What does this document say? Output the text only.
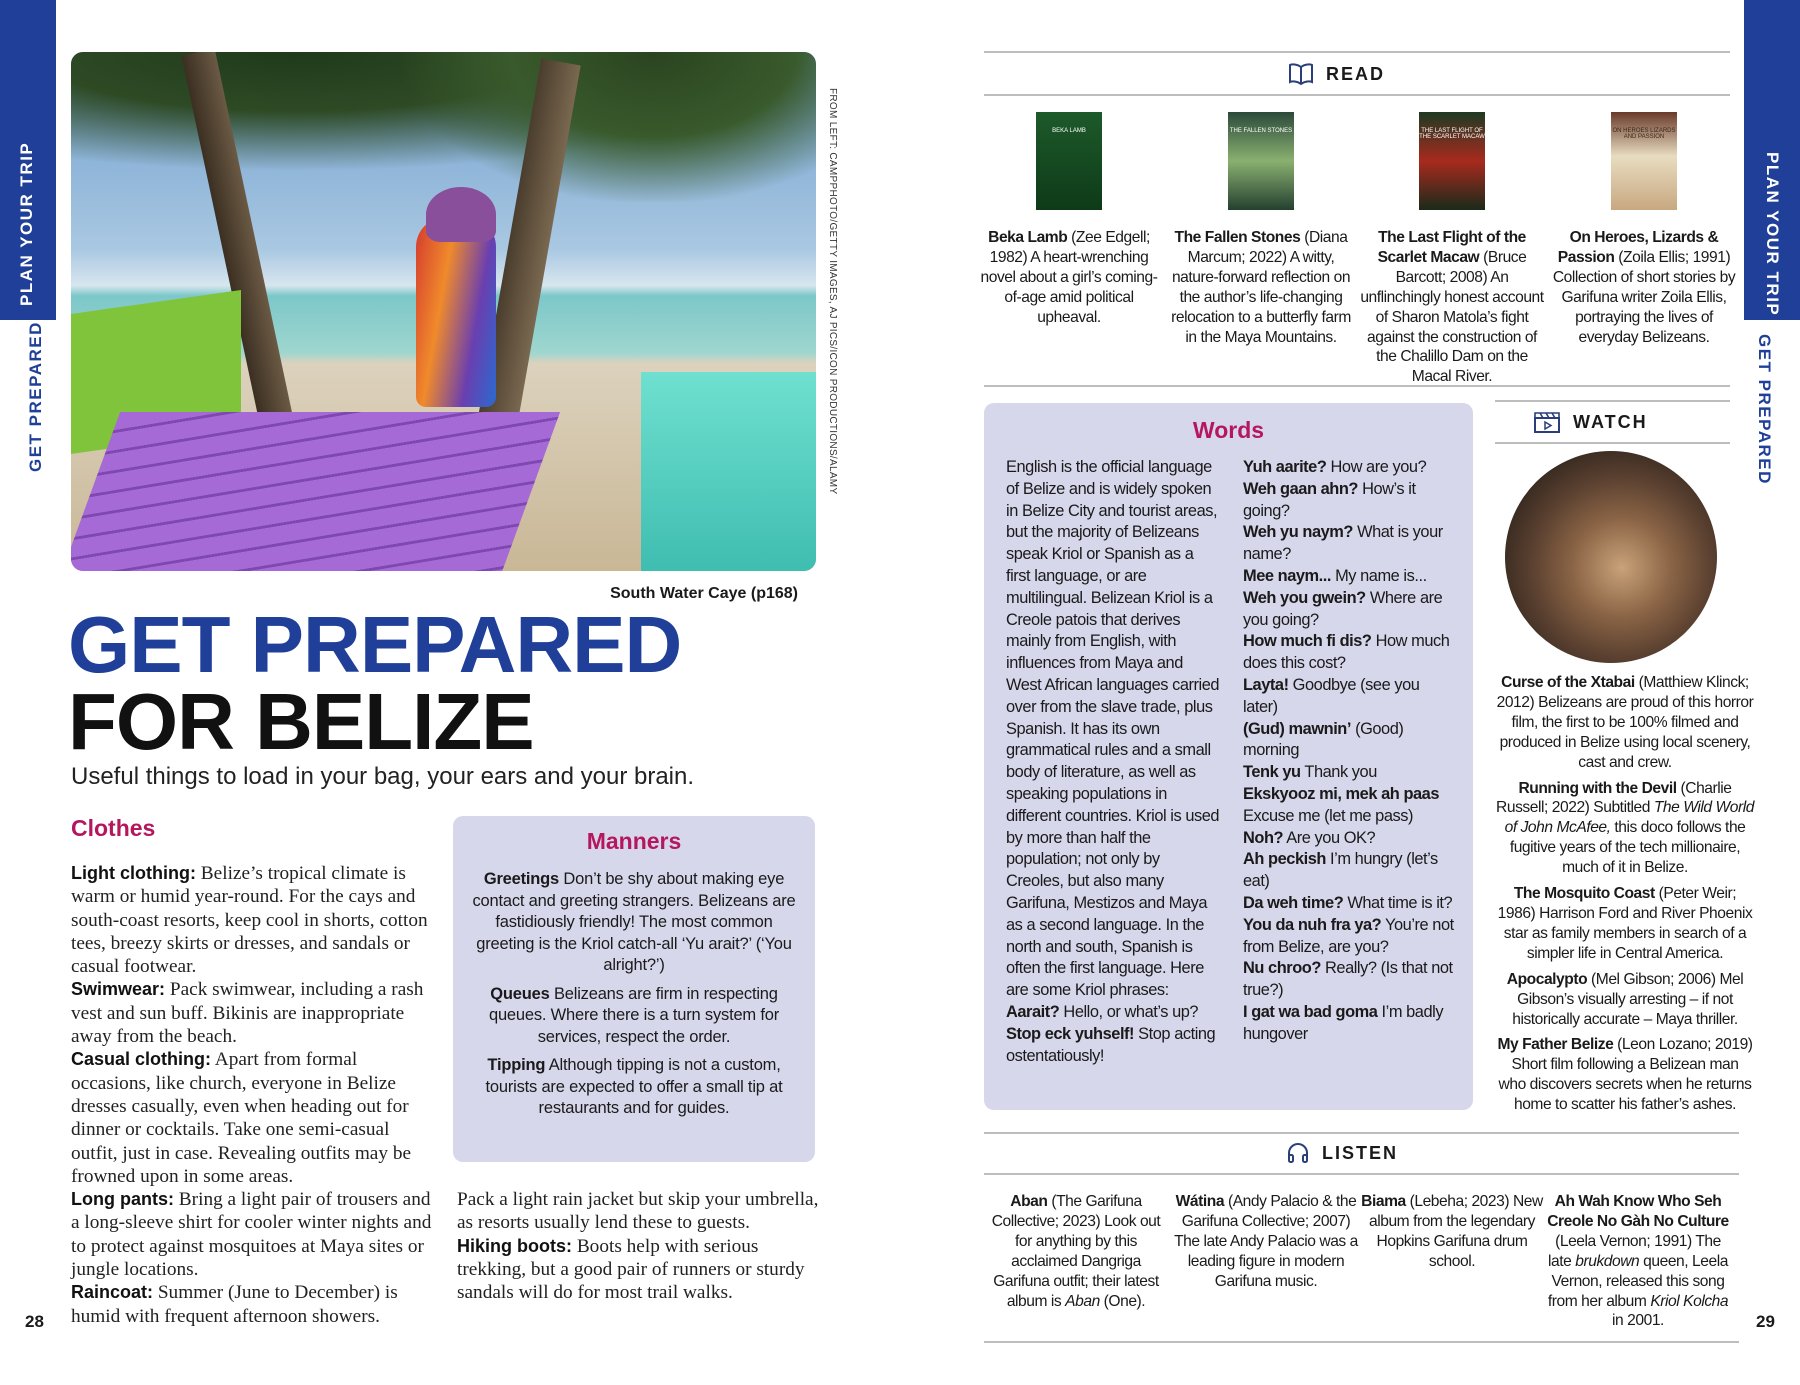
PLAN YOUR TRIP
GET PREPARED
PLAN YOUR TRIP
GET PREPARED
FROM LEFT: CAMPPHOTO/GETTY IMAGES, AJ PICS/ICON PRODUCTIONS/ALAMY
South Water Caye (p168)
GET PREPARED
FOR BELIZE
Useful things to load in your bag, your ears and your brain.
Clothes
Light clothing: Belize’s tropical climate is warm or humid year-round. For the cays and south-coast resorts, keep cool in shorts, cotton tees, breezy skirts or dresses, and sandals or casual footwear.
Swimwear: Pack swimwear, including a rash vest and sun buff. Bikinis are inappropriate away from the beach.
Casual clothing: Apart from formal occasions, like church, everyone in Belize dresses casually, even when heading out for dinner or cocktails. Take one semi-casual outfit, just in case. Revealing outfits may be frowned upon in some areas.
Long pants: Bring a light pair of trousers and a long-sleeve shirt for cooler winter nights and to protect against mosquitoes at Maya sites or jungle locations.
Raincoat: Summer (June to December) is humid with frequent afternoon showers.
Pack a light rain jacket but skip your umbrella, as resorts usually lend these to guests.
Hiking boots: Boots help with serious trekking, but a good pair of runners or sturdy sandals will do for most trail walks.
Manners

Greetings Don’t be shy about making eye contact and greeting strangers. Belizeans are fastidiously friendly! The most common greeting is the Kriol catch-all ‘Yu arait?’ (‘You alright?’)

Queues Belizeans are firm in respecting queues. Where there is a turn system for services, respect the order.

Tipping Although tipping is not a custom, tourists are expected to offer a small tip at restaurants and for guides.

READ
BEKA LAMB
Beka Lamb (Zee Edgell; 1982) A heart-wrenching novel about a girl’s coming-of-age amid political upheaval.
THE FALLEN STONES
The Fallen Stones (Diana Marcum; 2022) A witty, nature-forward reflection on the author’s life-changing relocation to a butterfly farm in the Maya Mountains.
THE LAST FLIGHT OF THE SCARLET MACAW
The Last Flight of the Scarlet Macaw (Bruce Barcott; 2008) An unflinchingly honest account of Sharon Matola’s fight against the construction of the Chalillo Dam on the Macal River.
ON HEROES LIZARDS AND PASSION
On Heroes, Lizards & Passion (Zoila Ellis; 1991) Collection of short stories by Garifuna writer Zoila Ellis, portraying the lives of everyday Belizeans.
Words

English is the official language of Belize and is widely spoken in Belize City and tourist areas, but the majority of Belizeans speak Kriol or Spanish as a first language, or are multilingual. Belizean Kriol is a Creole patois that derives mainly from English, with influences from Maya and West African languages carried over from the slave trade, plus Spanish. It has its own grammatical rules and a small body of literature, as well as speaking populations in different countries. Kriol is used by more than half the population; not only by Creoles, but also many Garifuna, Mestizos and Maya as a second language. In the north and south, Spanish is often the first language. Here are some Kriol phrases:

Aarait? Hello, or what’s up?

Stop eck yuhself! Stop acting ostentatiously!

Yuh aarite? How are you?

Weh gaan ahn? How’s it going?

Weh yu naym? What is your name?

Mee naym... My name is...

Weh you gwein? Where are you going?

How much fi dis? How much does this cost?

Layta! Goodbye (see you later)

(Gud) mawnin’ (Good) morning

Tenk yu Thank you

Ekskyooz mi, mek ah paas Excuse me (let me pass)

Noh? Are you OK?

Ah peckish I’m hungry (let’s eat)

Da weh time? What time is it?

You da nuh fra ya? You’re not from Belize, are you?

Nu chroo? Really? (Is that not true?)

I gat wa bad goma I’m badly hungover

WATCH

Curse of the Xtabai (Matthiew Klinck; 2012) Belizeans are proud of this horror film, the first to be 100% filmed and produced in Belize using local scenery, cast and crew.

Running with the Devil (Charlie Russell; 2022) Subtitled The Wild World of John McAfee, this doco follows the fugitive years of the tech millionaire, much of it in Belize.

The Mosquito Coast (Peter Weir; 1986) Harrison Ford and River Phoenix star as family members in search of a simpler life in Central America.

Apocalypto (Mel Gibson; 2006) Mel Gibson’s visually arresting – if not historically accurate – Maya thriller.

My Father Belize (Leon Lozano; 2019) Short film following a Belizean man who discovers secrets when he returns home to scatter his father’s ashes.

LISTEN
Aban (The Garifuna Collective; 2023) Look out for anything by this acclaimed Dangriga Garifuna outfit; their latest album is Aban (One).
Wátina (Andy Palacio & the Garifuna Collective; 2007) The late Andy Palacio was a leading figure in modern Garifuna music.
Biama (Lebeha; 2023) New album from the legendary Hopkins Garifuna drum school.
Ah Wah Know Who Seh Creole No Gàh No Culture (Leela Vernon; 1991) The late brukdown queen, Leela Vernon, released this song from her album Kriol Kolcha in 2001.
28	29
